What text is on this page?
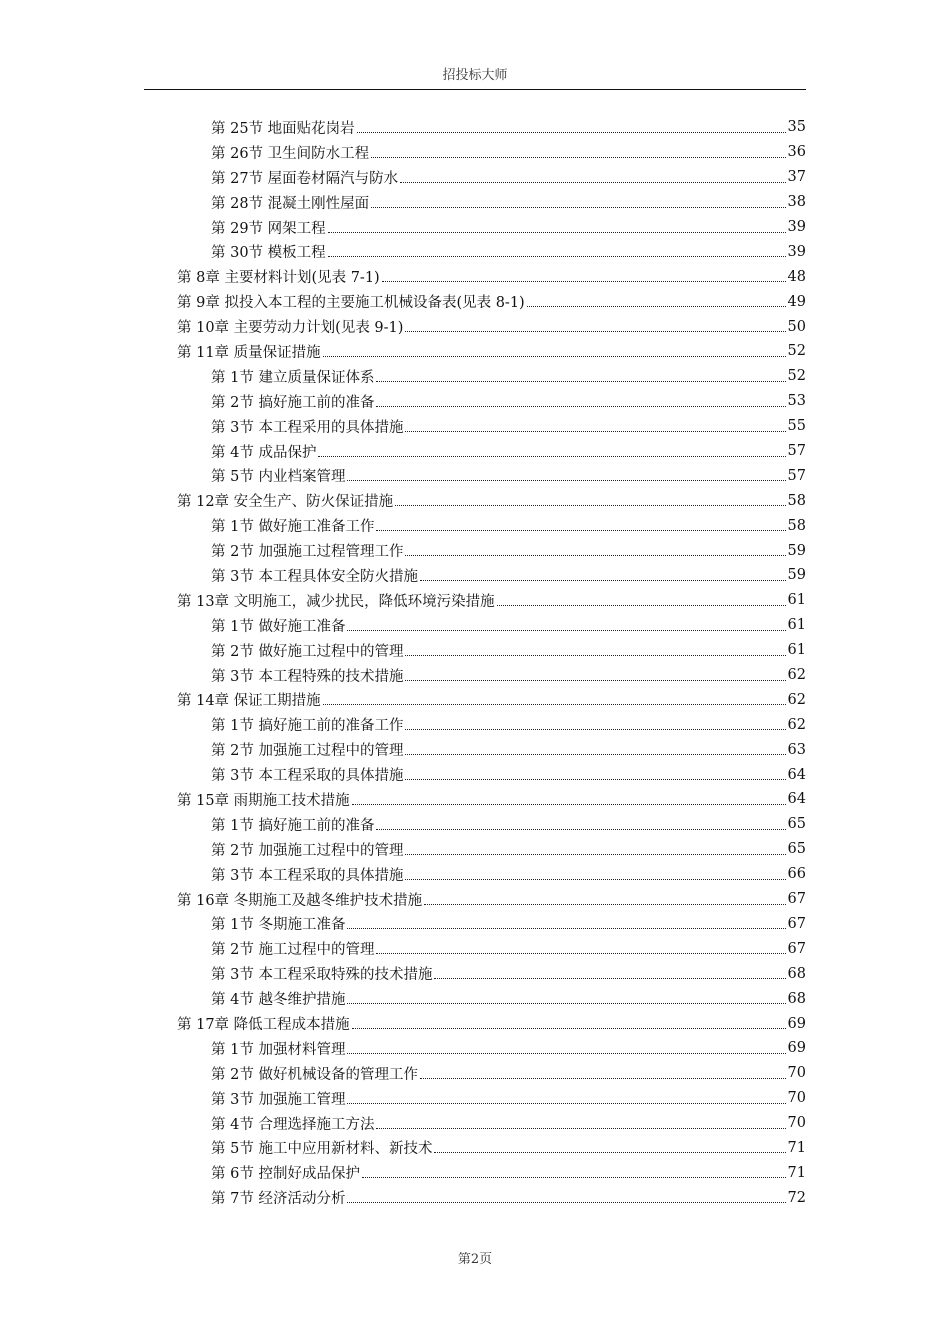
招投标大师
第 25节 地面贴花岗岩	35
第 26节 卫生间防水工程	36
第 27节 屋面卷材隔汽与防水	37
第 28节 混凝土刚性屋面	38
第 29节 网架工程	39
第 30节 模板工程	39
第 8章 主要材料计划(见表 7-1)	48
第 9章 拟投入本工程的主要施工机械设备表(见表 8-1)	49
第 10章 主要劳动力计划(见表 9-1)	50
第 11章 质量保证措施	52
第 1节 建立质量保证体系	52
第 2节 搞好施工前的准备	53
第 3节 本工程采用的具体措施	55
第 4节 成品保护	57
第 5节 内业档案管理	57
第 12章 安全生产、防火保证措施	58
第 1节 做好施工准备工作	58
第 2节 加强施工过程管理工作	59
第 3节 本工程具体安全防火措施	59
第 13章 文明施工，减少扰民，降低环境污染措施	61
第 1节 做好施工准备	61
第 2节 做好施工过程中的管理	61
第 3节 本工程特殊的技术措施	62
第 14章 保证工期措施	62
第 1节 搞好施工前的准备工作	62
第 2节 加强施工过程中的管理	63
第 3节 本工程采取的具体措施	64
第 15章 雨期施工技术措施	64
第 1节 搞好施工前的准备	65
第 2节 加强施工过程中的管理	65
第 3节 本工程采取的具体措施	66
第 16章 冬期施工及越冬维护技术措施	67
第 1节 冬期施工准备	67
第 2节 施工过程中的管理	67
第 3节 本工程采取特殊的技术措施	68
第 4节 越冬维护措施	68
第 17章 降低工程成本措施	69
第 1节 加强材料管理	69
第 2节 做好机械设备的管理工作	70
第 3节 加强施工管理	70
第 4节 合理选择施工方法	70
第 5节 施工中应用新材料、新技术	71
第 6节 控制好成品保护	71
第 7节 经济活动分析	72
第2页
